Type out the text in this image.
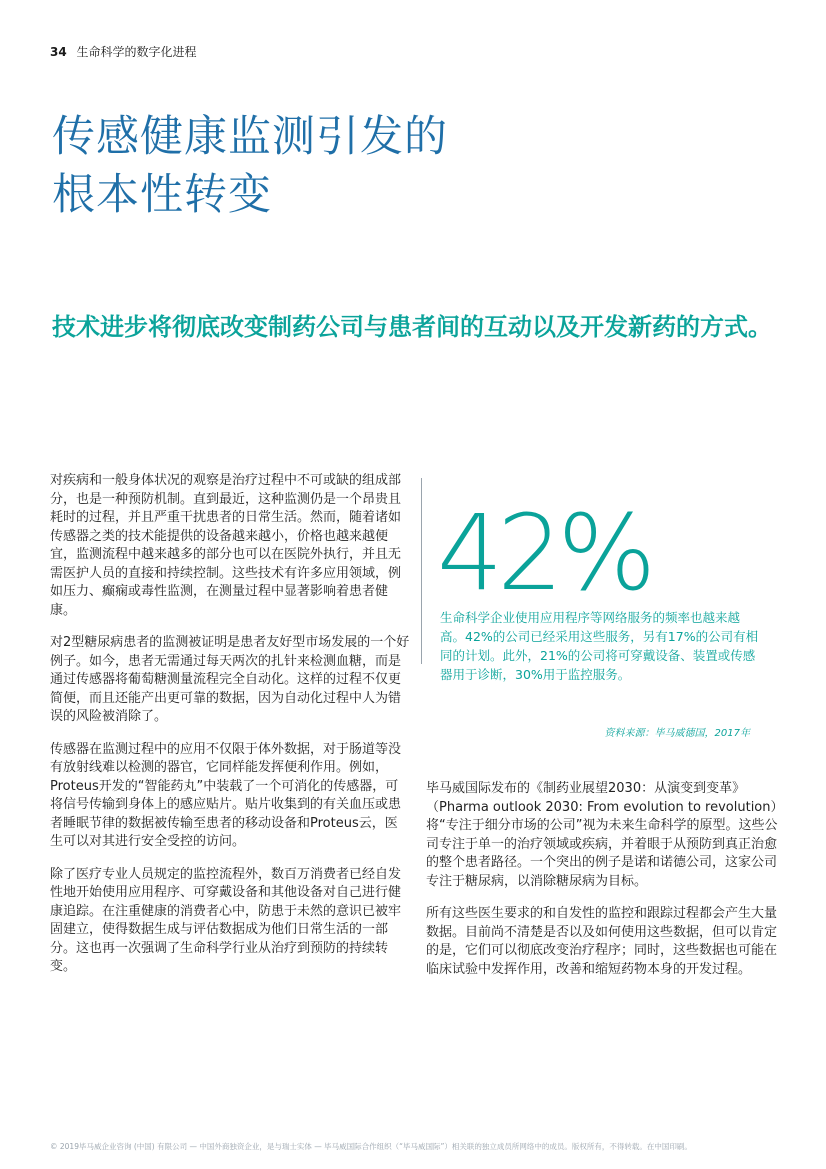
34 生命科学的数字化进程
传感健康监测引发的
根本性转变
技术进步将彻底改变制药公司与患者间的互动以及开发新药的方式。

对疾病和一般身体状况的观察是治疗过程中不可或缺的组成部分，也是一种预防机制。直到最近，这种监测仍是一个昂贵且耗时的过程，并且严重干扰患者的日常生活。然而，随着诸如传感器之类的技术能提供的设备越来越小，价格也越来越便宜，监测流程中越来越多的部分也可以在医院外执行，并且无需医护人员的直接和持续控制。这些技术有许多应用领域，例如压力、癫痫或毒性监测，在测量过程中显著影响着患者健康。

对2型糖尿病患者的监测被证明是患者友好型市场发展的一个好例子。如今，患者无需通过每天两次的扎针来检测血糖，而是通过传感器将葡萄糖测量流程完全自动化。这样的过程不仅更简便，而且还能产出更可靠的数据，因为自动化过程中人为错误的风险被消除了。

传感器在监测过程中的应用不仅限于体外数据，对于肠道等没有放射线难以检测的器官，它同样能发挥便利作用。例如，Proteus开发的“智能药丸”中装载了一个可消化的传感器，可将信号传输到身体上的感应贴片。贴片收集到的有关血压或患者睡眠节律的数据被传输至患者的移动设备和Proteus云，医生可以对其进行安全受控的访问。

除了医疗专业人员规定的监控流程外，数百万消费者已经自发性地开始使用应用程序、可穿戴设备和其他设备对自己进行健康追踪。在注重健康的消费者心中，防患于未然的意识已被牢固建立，使得数据生成与评估数据成为他们日常生活的一部分。这也再一次强调了生命科学行业从治疗到预防的持续转变。

42%
生命科学企业使用应用程序等网络服务的频率也越来越高。42%的公司已经采用这些服务，另有17%的公司有相同的计划。此外，21%的公司将可穿戴设备、装置或传感器用于诊断，30%用于监控服务。
资料来源：毕马威德国，2017年

毕马威国际发布的《制药业展望2030：从演变到变革》（Pharma outlook 2030: From evolution to revolution）将“专注于细分市场的公司”视为未来生命科学的原型。这些公司专注于单一的治疗领域或疾病，并着眼于从预防到真正治愈的整个患者路径。一个突出的例子是诺和诺德公司，这家公司专注于糖尿病，以消除糖尿病为目标。

所有这些医生要求的和自发性的监控和跟踪过程都会产生大量数据。目前尚不清楚是否以及如何使用这些数据，但可以肯定的是，它们可以彻底改变治疗程序；同时，这些数据也可能在临床试验中发挥作用，改善和缩短药物本身的开发过程。

© 2019毕马威企业咨询 (中国) 有限公司 — 中国外商独资企业，是与瑞士实体 — 毕马威国际合作组织（“毕马威国际”）相关联的独立成员所网络中的成员。版权所有，不得转载。在中国印刷。
